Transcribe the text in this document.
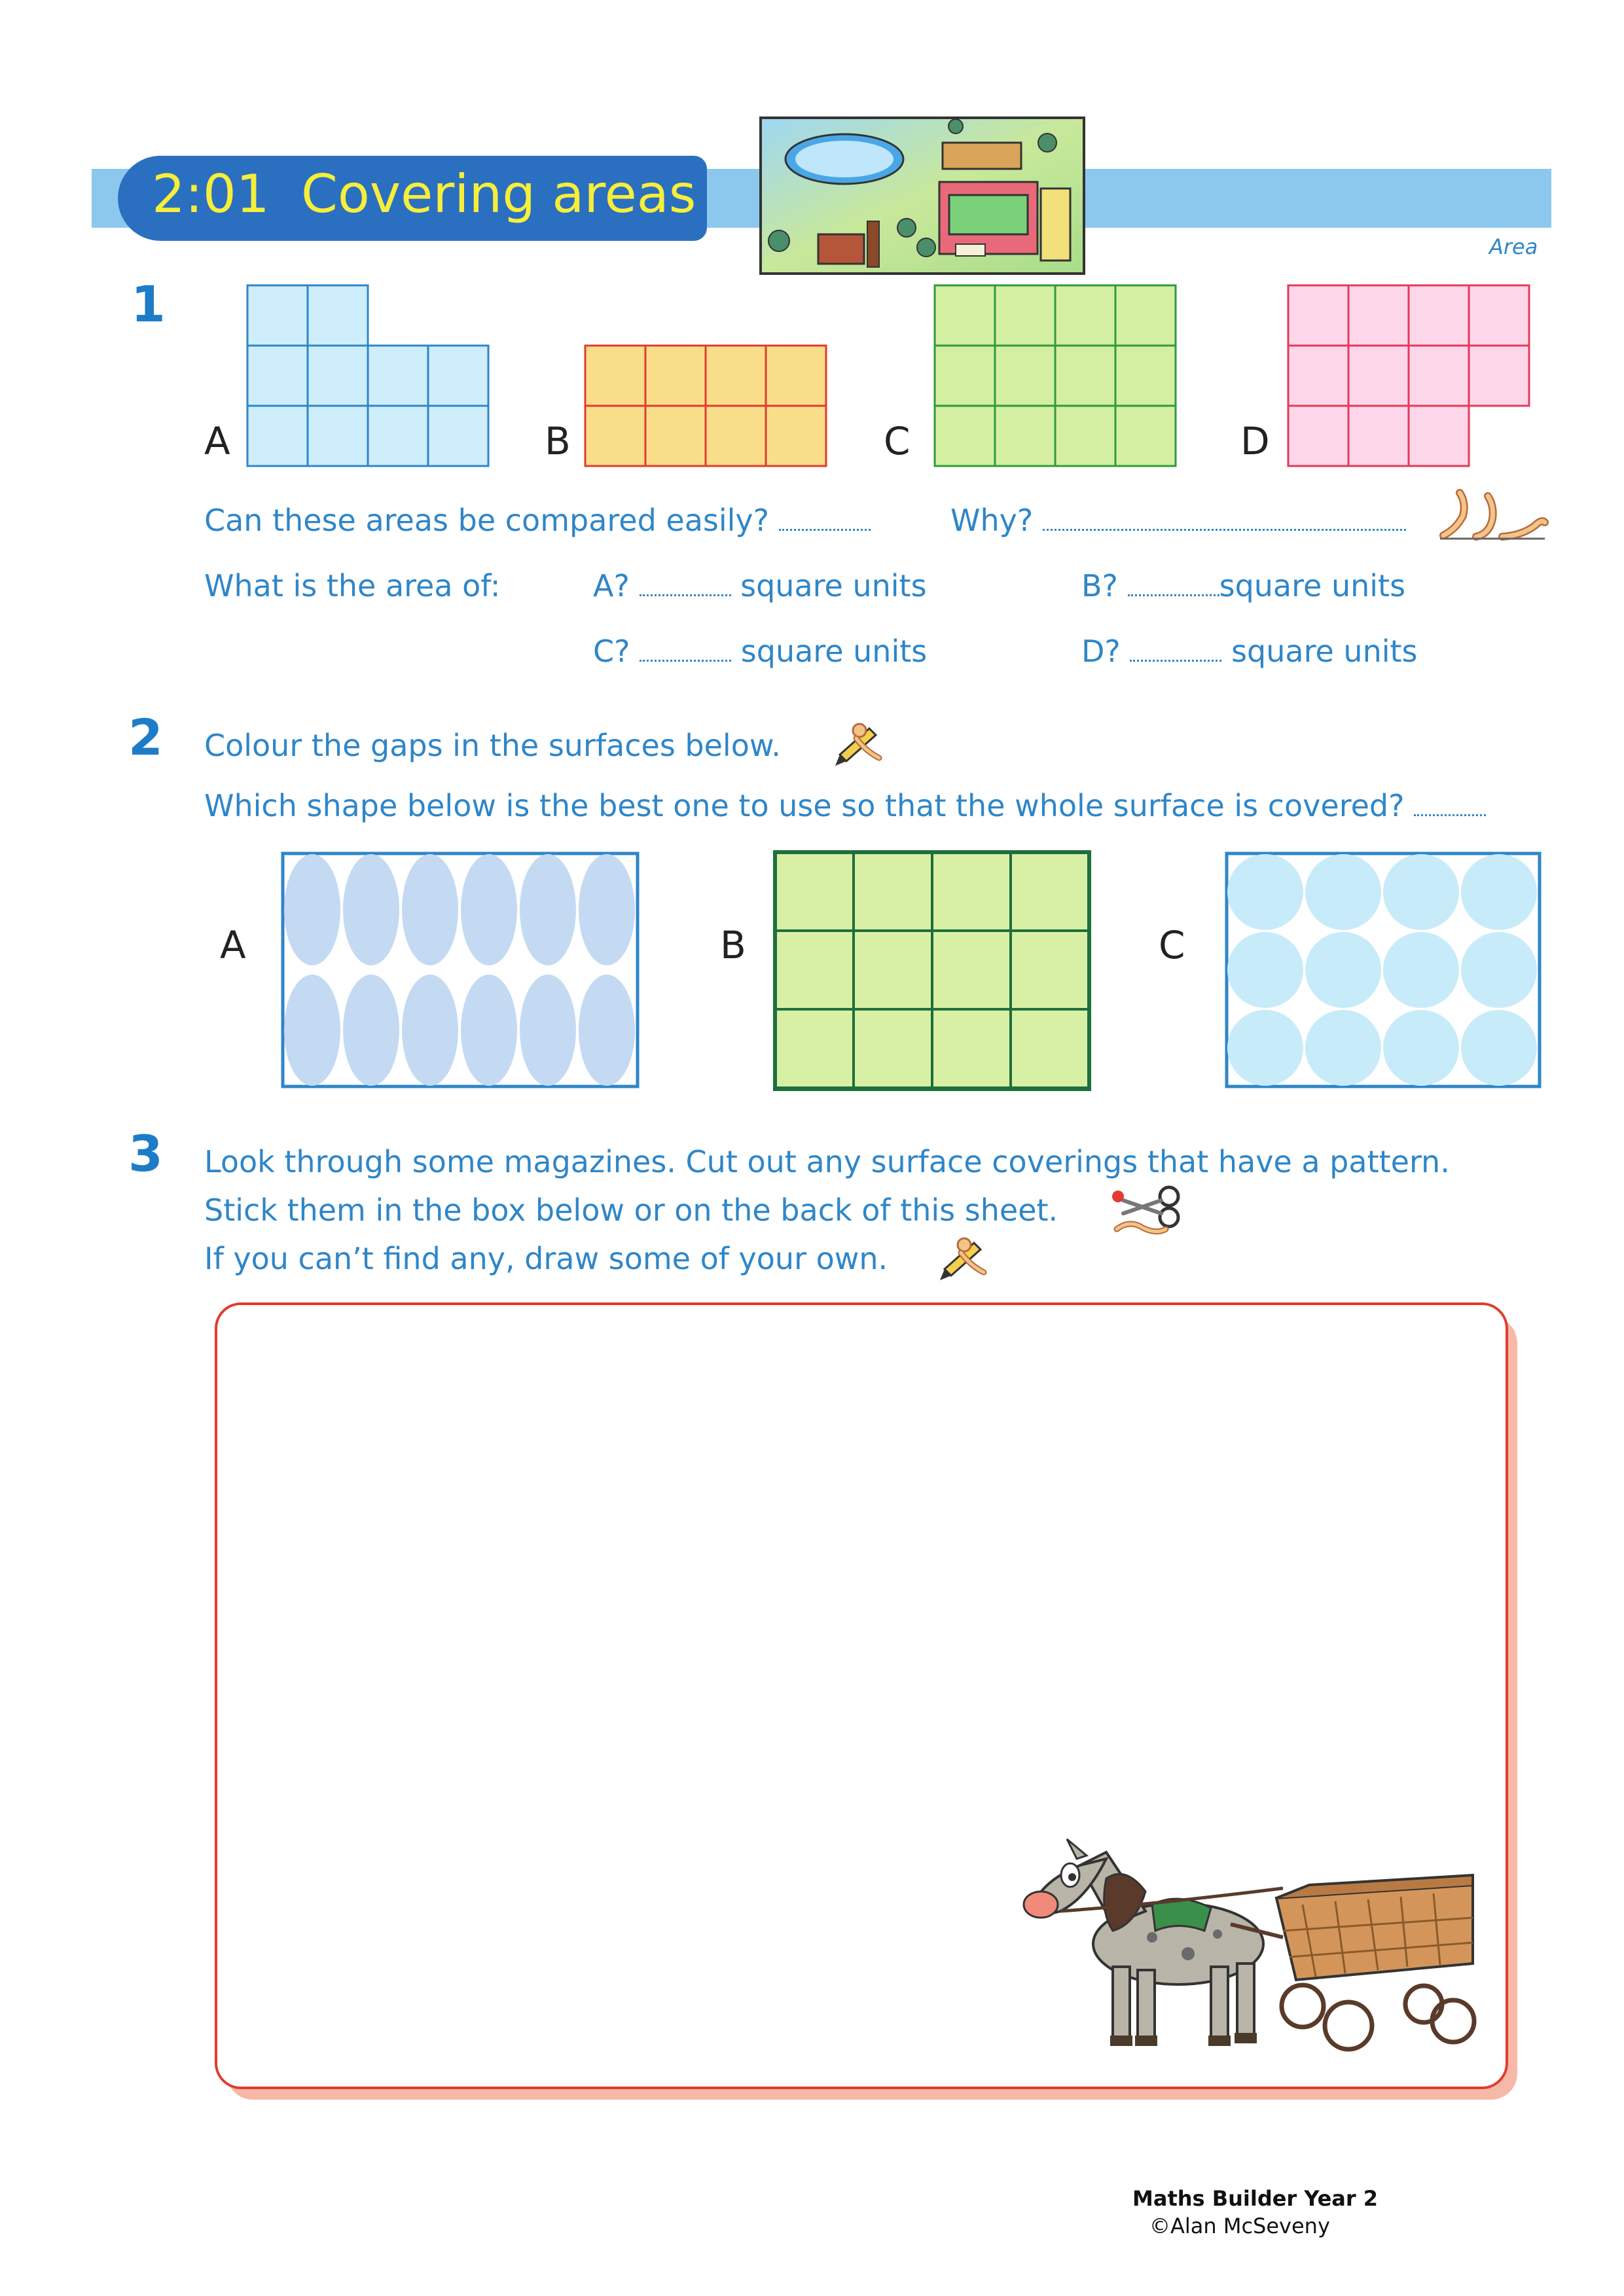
2:01 Covering areas
Area
1
A	B	C	D
Can these areas be compared easily?	Why?
What is the area of:	A?	square units	B?	square units
C?	square units	D?	square units
2 Colour the gaps in the surfaces below.
Which shape below is the best one to use so that the whole surface is covered?
A	B	C
3 Look through some magazines. Cut out any surface coverings that have a pattern.
Stick them in the box below or on the back of this sheet.
If you can’t find any, draw some of your own.
Maths Builder Year 2
©Alan McSeveny
